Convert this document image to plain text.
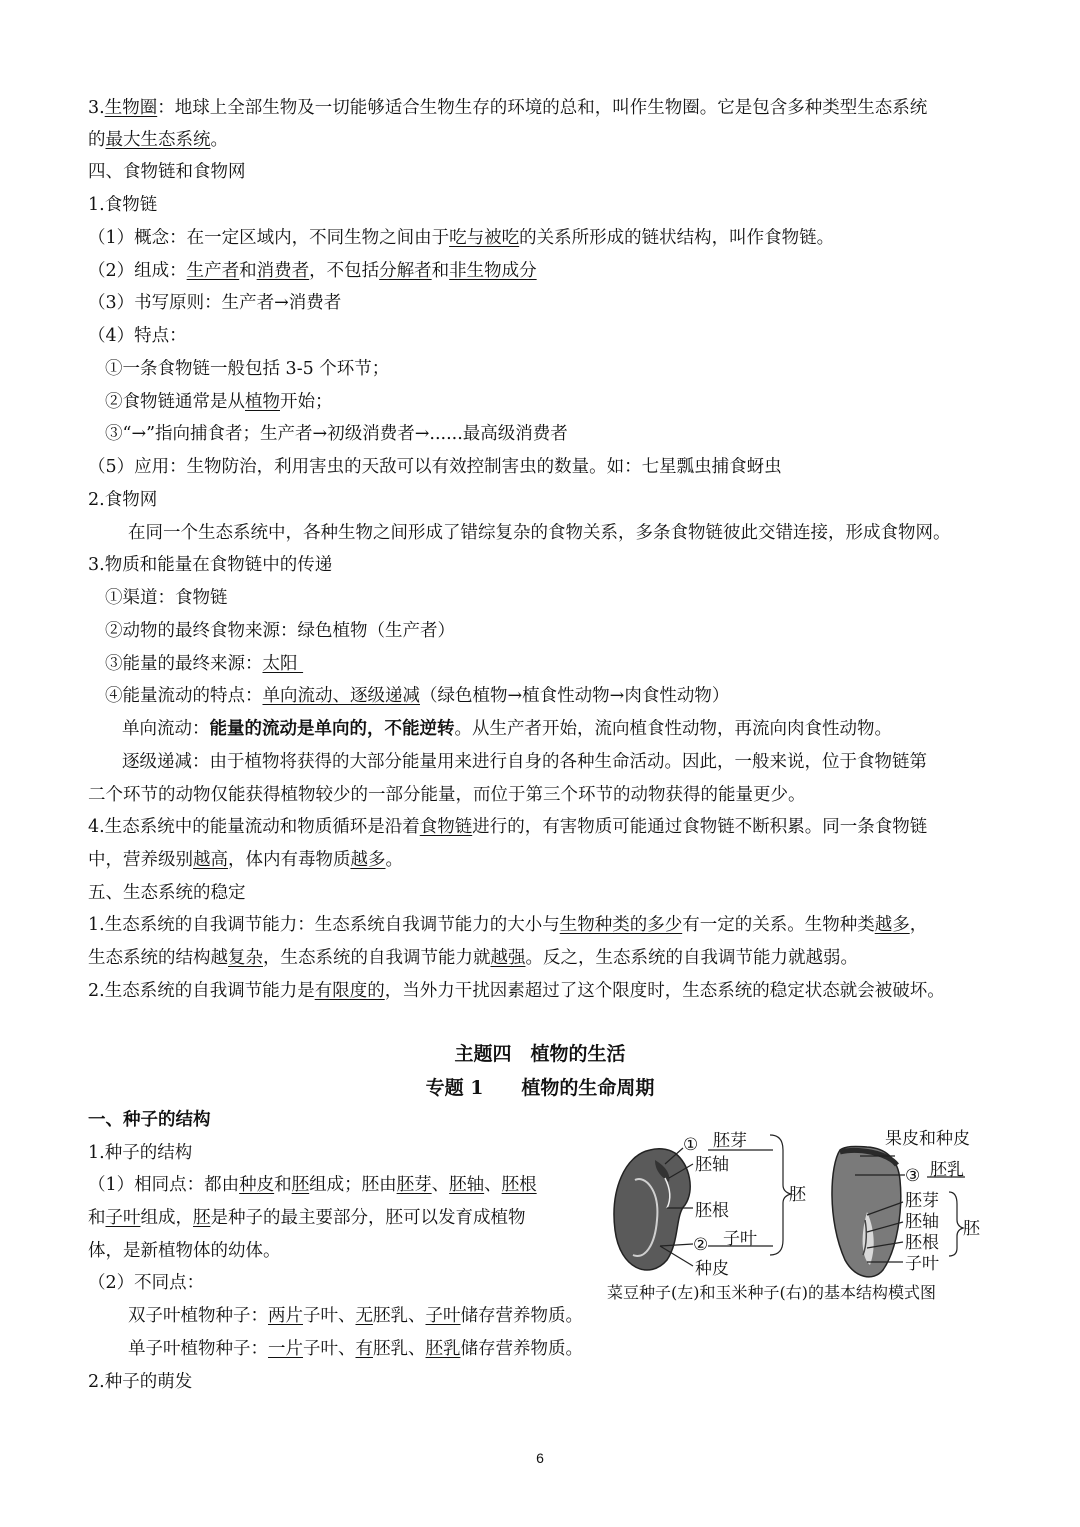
3.生物圈：地球上全部生物及一切能够适合生物生存的环境的总和，叫作生物圈。它是包含多种类型生态系统
的最大生态系统。
四、食物链和食物网
1.食物链
（1）概念：在一定区域内，不同生物之间由于吃与被吃的关系所形成的链状结构，叫作食物链。
（2）组成：生产者和消费者，不包括分解者和非生物成分
（3）书写原则：生产者→消费者
（4）特点：
①一条食物链一般包括 3-5 个环节；
②食物链通常是从植物开始；
③“→”指向捕食者；生产者→初级消费者→......最高级消费者
（5）应用：生物防治，利用害虫的天敌可以有效控制害虫的数量。如：七星瓢虫捕食蚜虫
2.食物网
在同一个生态系统中，各种生物之间形成了错综复杂的食物关系，多条食物链彼此交错连接，形成食物网。
3.物质和能量在食物链中的传递
①渠道：食物链
②动物的最终食物来源：绿色植物（生产者）
③能量的最终来源：太阳
④能量流动的特点：单向流动、逐级递减（绿色植物→植食性动物→肉食性动物）
单向流动：能量的流动是单向的，不能逆转。从生产者开始，流向植食性动物，再流向肉食性动物。
逐级递减：由于植物将获得的大部分能量用来进行自身的各种生命活动。因此，一般来说，位于食物链第
二个环节的动物仅能获得植物较少的一部分能量，而位于第三个环节的动物获得的能量更少。
4.生态系统中的能量流动和物质循环是沿着食物链进行的，有害物质可能通过食物链不断积累。同一条食物链
中，营养级别越高，体内有毒物质越多。
五、生态系统的稳定
1.生态系统的自我调节能力：生态系统自我调节能力的大小与生物种类的多少有一定的关系。生物种类越多，
生态系统的结构越复杂，生态系统的自我调节能力就越强。反之，生态系统的自我调节能力就越弱。
2.生态系统的自我调节能力是有限度的，当外力干扰因素超过了这个限度时，生态系统的稳定状态就会被破坏。
主题四　植物的生活
专题 1　　植物的生命周期
一、种子的结构
1.种子的结构
（1）相同点：都由种皮和胚组成；胚由胚芽、胚轴、胚根
和子叶组成，胚是种子的最主要部分，胚可以发育成植物
体，是新植物体的幼体。
（2）不同点：
双子叶植物种子：两片子叶、无胚乳、子叶储存营养物质。
单子叶植物种子：一片子叶、有胚乳、胚乳储存营养物质。
2.种子的萌发
① 胚芽
胚轴
胚根
② 子叶
种皮
胚
果皮和种皮
③ 胚乳
胚芽
胚轴
胚根
子叶
胚
菜豆种子(左)和玉米种子(右)的基本结构模式图
6
